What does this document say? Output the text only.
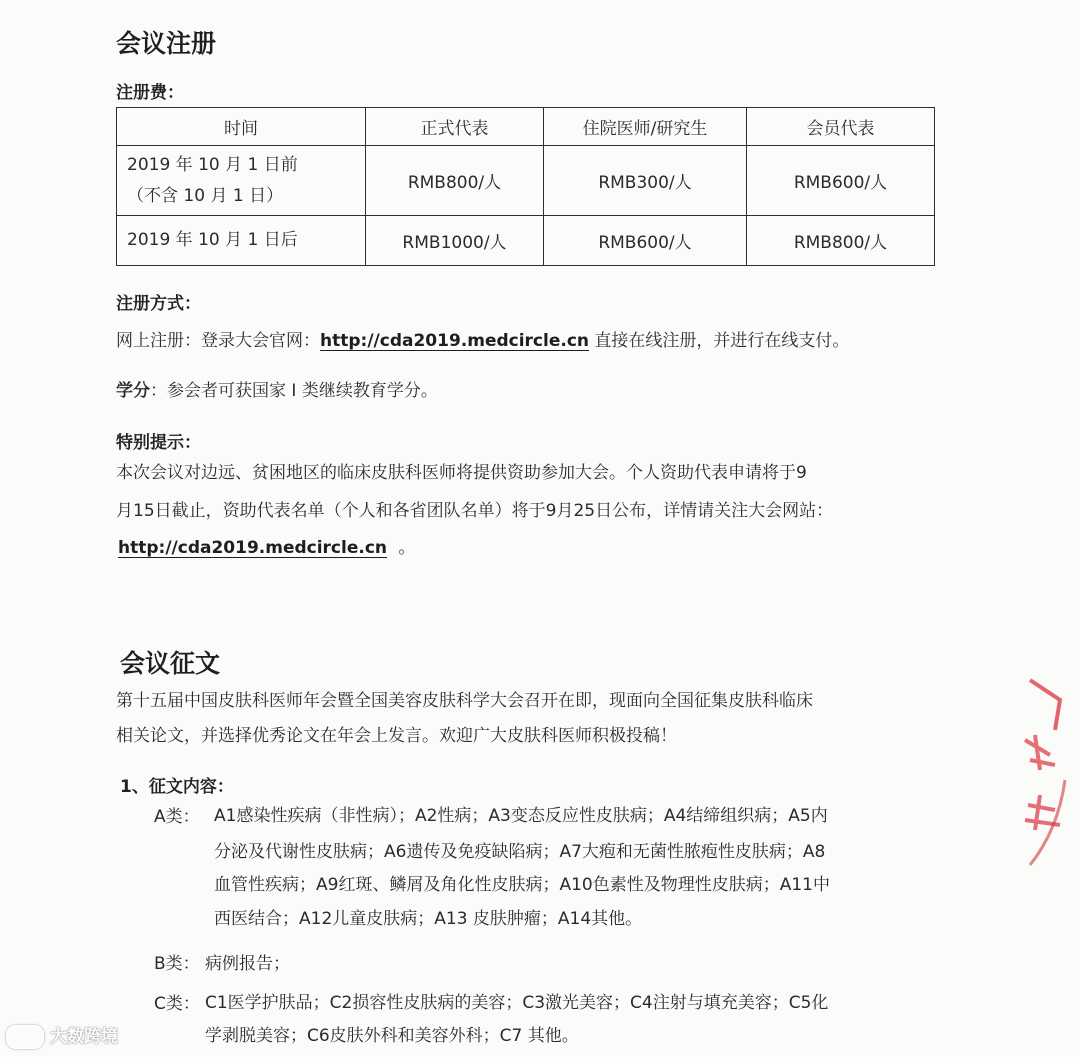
会议注册
注册费：
时间	正式代表	住院医师/研究生	会员代表

2019 年 10 月 1 日前
（不含 10 月 1 日）	RMB800/人	RMB300/人	RMB600/人
2019 年 10 月 1 日后	RMB1000/人	RMB600/人	RMB800/人
注册方式：
网上注册：登录大会官网：http://cda2019.medcircle.cn 直接在线注册，并进行在线支付。
学分：参会者可获国家 I 类继续教育学分。
特别提示：
本次会议对边远、贫困地区的临床皮肤科医师将提供资助参加大会。个人资助代表申请将于9
月15日截止，资助代表名单（个人和各省团队名单）将于9月25日公布，详情请关注大会网站：
http://cda2019.medcircle.cn 。
会议征文
第十五届中国皮肤科医师年会暨全国美容皮肤科学大会召开在即，现面向全国征集皮肤科临床
相关论文，并选择优秀论文在年会上发言。欢迎广大皮肤科医师积极投稿！
1、征文内容：
A类： A1感染性疾病（非性病）；A2性病；A3变态反应性皮肤病；A4结缔组织病；A5内
分泌及代谢性皮肤病；A6遗传及免疫缺陷病；A7大疱和无菌性脓疱性皮肤病；A8
血管性疾病；A9红斑、鳞屑及角化性皮肤病；A10色素性及物理性皮肤病；A11中
西医结合；A12儿童皮肤病；A13 皮肤肿瘤；A14其他。
B类： 病例报告；
C类： C1医学护肤品；C2损容性皮肤病的美容；C3激光美容；C4注射与填充美容；C5化
学剥脱美容；C6皮肤外科和美容外科；C7 其他。
大数跨境
